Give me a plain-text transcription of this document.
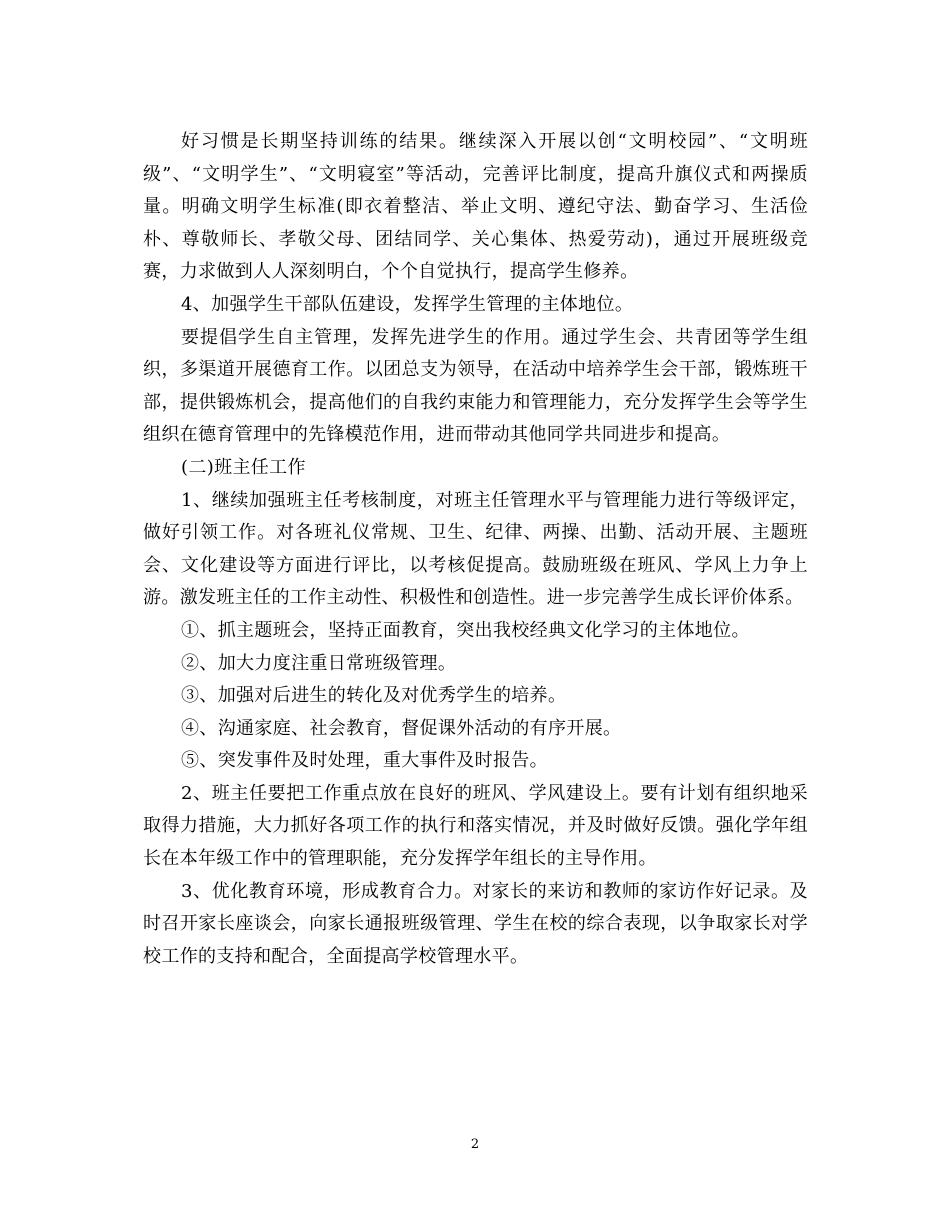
好习惯是长期坚持训练的结果。继续深入开展以创“文明校园”、“文明班级”、“文明学生”、“文明寝室”等活动，完善评比制度，提高升旗仪式和两操质量。明确文明学生标准(即衣着整洁、举止文明、遵纪守法、勤奋学习、生活俭朴、尊敬师长、孝敬父母、团结同学、关心集体、热爱劳动)，通过开展班级竞赛，力求做到人人深刻明白，个个自觉执行，提高学生修养。

4、加强学生干部队伍建设，发挥学生管理的主体地位。

要提倡学生自主管理，发挥先进学生的作用。通过学生会、共青团等学生组织，多渠道开展德育工作。以团总支为领导，在活动中培养学生会干部，锻炼班干部，提供锻炼机会，提高他们的自我约束能力和管理能力，充分发挥学生会等学生组织在德育管理中的先锋模范作用，进而带动其他同学共同进步和提高。

(二)班主任工作

1、继续加强班主任考核制度，对班主任管理水平与管理能力进行等级评定，做好引领工作。对各班礼仪常规、卫生、纪律、两操、出勤、活动开展、主题班会、文化建设等方面进行评比，以考核促提高。鼓励班级在班风、学风上力争上游。激发班主任的工作主动性、积极性和创造性。进一步完善学生成长评价体系。

①、抓主题班会，坚持正面教育，突出我校经典文化学习的主体地位。

②、加大力度注重日常班级管理。

③、加强对后进生的转化及对优秀学生的培养。

④、沟通家庭、社会教育，督促课外活动的有序开展。

⑤、突发事件及时处理，重大事件及时报告。

2、班主任要把工作重点放在良好的班风、学风建设上。要有计划有组织地采取得力措施，大力抓好各项工作的执行和落实情况，并及时做好反馈。强化学年组长在本年级工作中的管理职能，充分发挥学年组长的主导作用。

3、优化教育环境，形成教育合力。对家长的来访和教师的家访作好记录。及时召开家长座谈会，向家长通报班级管理、学生在校的综合表现，以争取家长对学校工作的支持和配合，全面提高学校管理水平。

2
